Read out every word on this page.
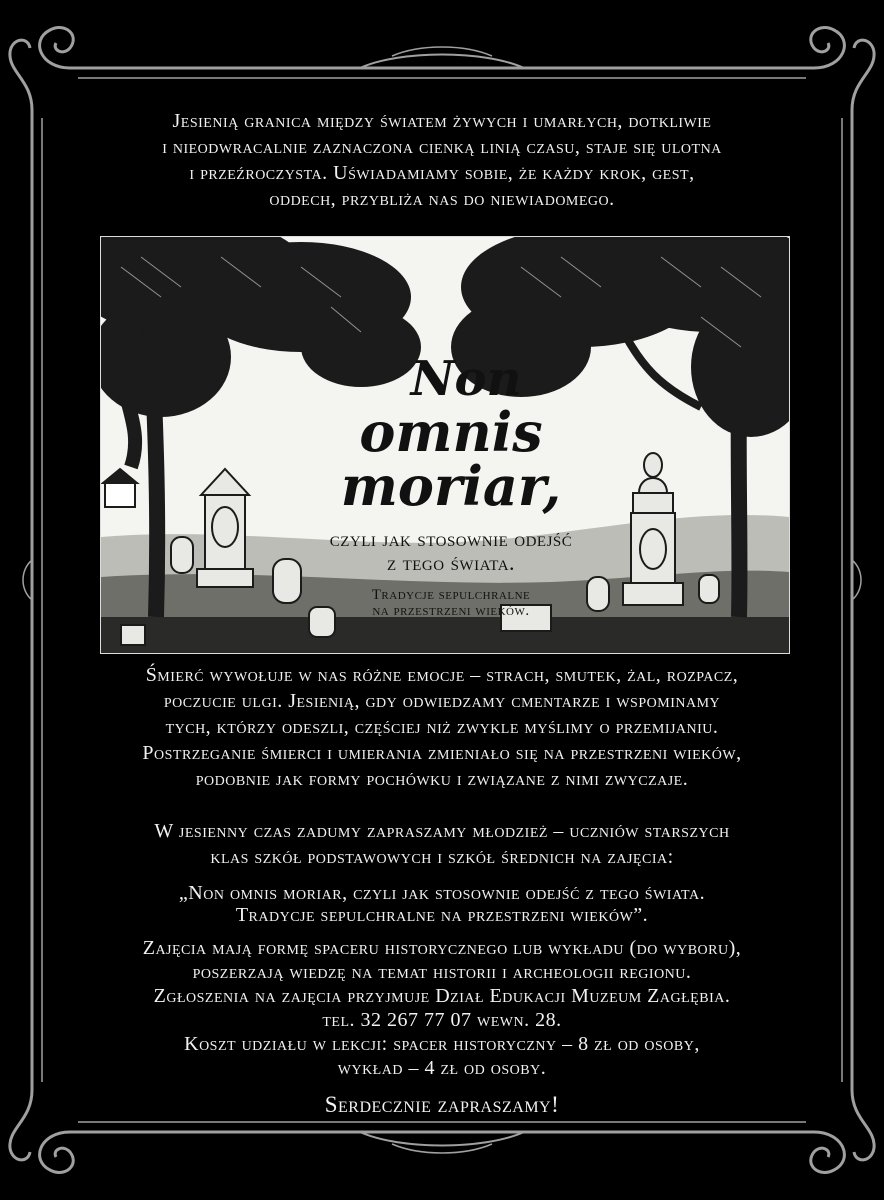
Jesienią granica między światem żywych i umarłych, dotkliwie
i nieodwracalnie zaznaczona cienką linią czasu, staje się ulotna
i przeźroczysta. Uświadamiamy sobie, że każdy krok, gest,
oddech, przybliża nas do niewiadomego.
Non
omnis moriar,
czyli jak stosownie odejść
z tego świata.
Tradycje sepulchralne
na przestrzeni wieków.
Śmierć wywołuje w nas różne emocje – strach, smutek, żal, rozpacz,
poczucie ulgi. Jesienią, gdy odwiedzamy cmentarze i wspominamy
tych, którzy odeszli, częściej niż zwykle myślimy o przemijaniu.
Postrzeganie śmierci i umierania zmieniało się na przestrzeni wieków,
podobnie jak formy pochówku i związane z nimi zwyczaje.
W jesienny czas zadumy zapraszamy młodzież – uczniów starszych
klas szkół podstawowych i szkół średnich na zajęcia:
„Non omnis moriar, czyli jak stosownie odejść z tego świata.
Tradycje sepulchralne na przestrzeni wieków”.
Zajęcia mają formę spaceru historycznego lub wykładu (do wyboru),
poszerzają wiedzę na temat historii i archeologii regionu.
Zgłoszenia na zajęcia przyjmuje Dział Edukacji Muzeum Zagłębia.
tel. 32 267 77 07 wewn. 28.
Koszt udziału w lekcji: spacer historyczny – 8 zł od osoby,
wykład – 4 zł od osoby.
Serdecznie zapraszamy!
